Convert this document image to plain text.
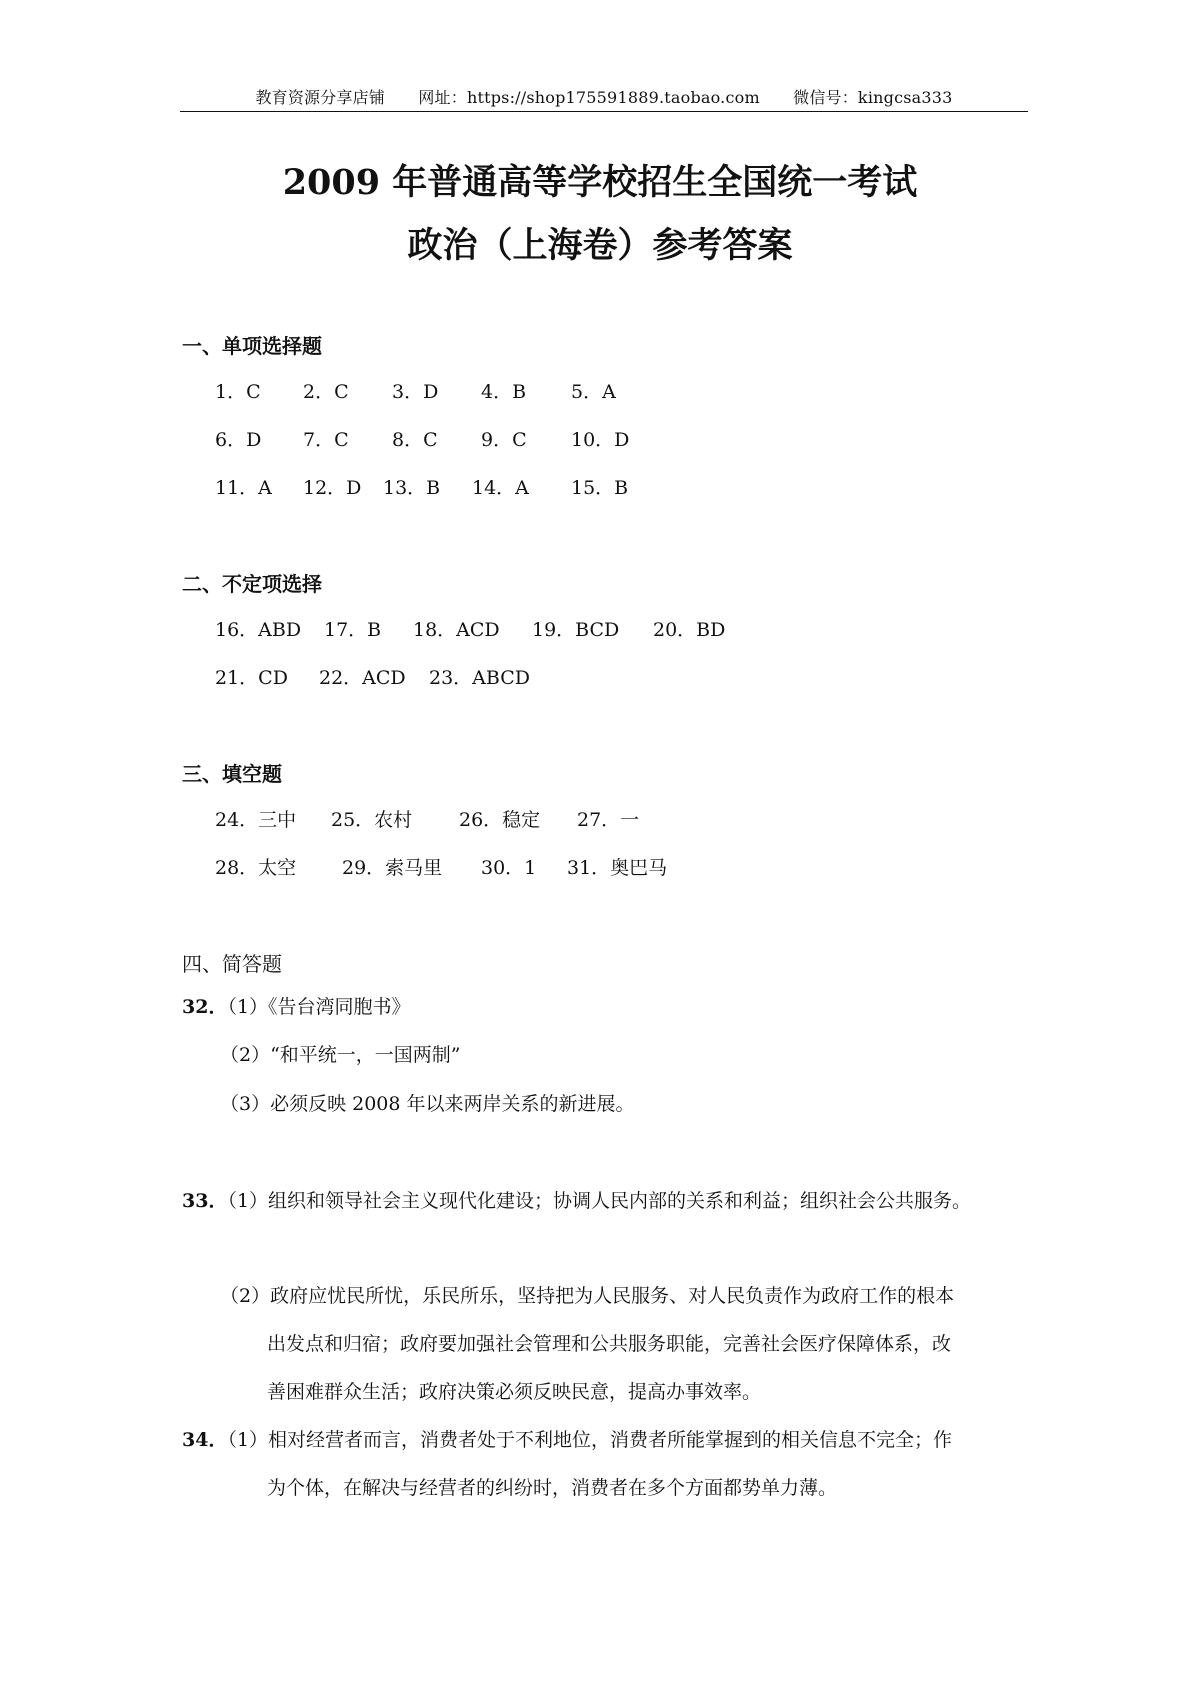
教育资源分享店铺 网址：https://shop175591889.taobao.com 微信号：kingcsa333
2009 年普通高等学校招生全国统一考试
政治（上海卷）参考答案
一、单项选择题
1．C 2．C 3．D 4．B 5．A
6．D 7．C 8．C 9．C 10．D
11．A 12．D 13．B 14．A 15．B
二、不定项选择
16．ABD 17．B 18．ACD 19．BCD 20．BD
21．CD 22．ACD 23．ABCD
三、填空题
24．三中 25．农村 26．稳定 27．一
28．太空 29．索马里 30．1 31．奥巴马
四、简答题
32．（1）《告台湾同胞书》
（2）“和平统一，一国两制”
（3）必须反映 2008 年以来两岸关系的新进展。
33．（1）组织和领导社会主义现代化建设；协调人民内部的关系和利益；组织社会公共服务。
（2）政府应忧民所忧，乐民所乐，坚持把为人民服务、对人民负责作为政府工作的根本
出发点和归宿；政府要加强社会管理和公共服务职能，完善社会医疗保障体系，改
善困难群众生活；政府决策必须反映民意，提高办事效率。
34．（1）相对经营者而言，消费者处于不利地位，消费者所能掌握到的相关信息不完全；作
为个体，在解决与经营者的纠纷时，消费者在多个方面都势单力薄。
